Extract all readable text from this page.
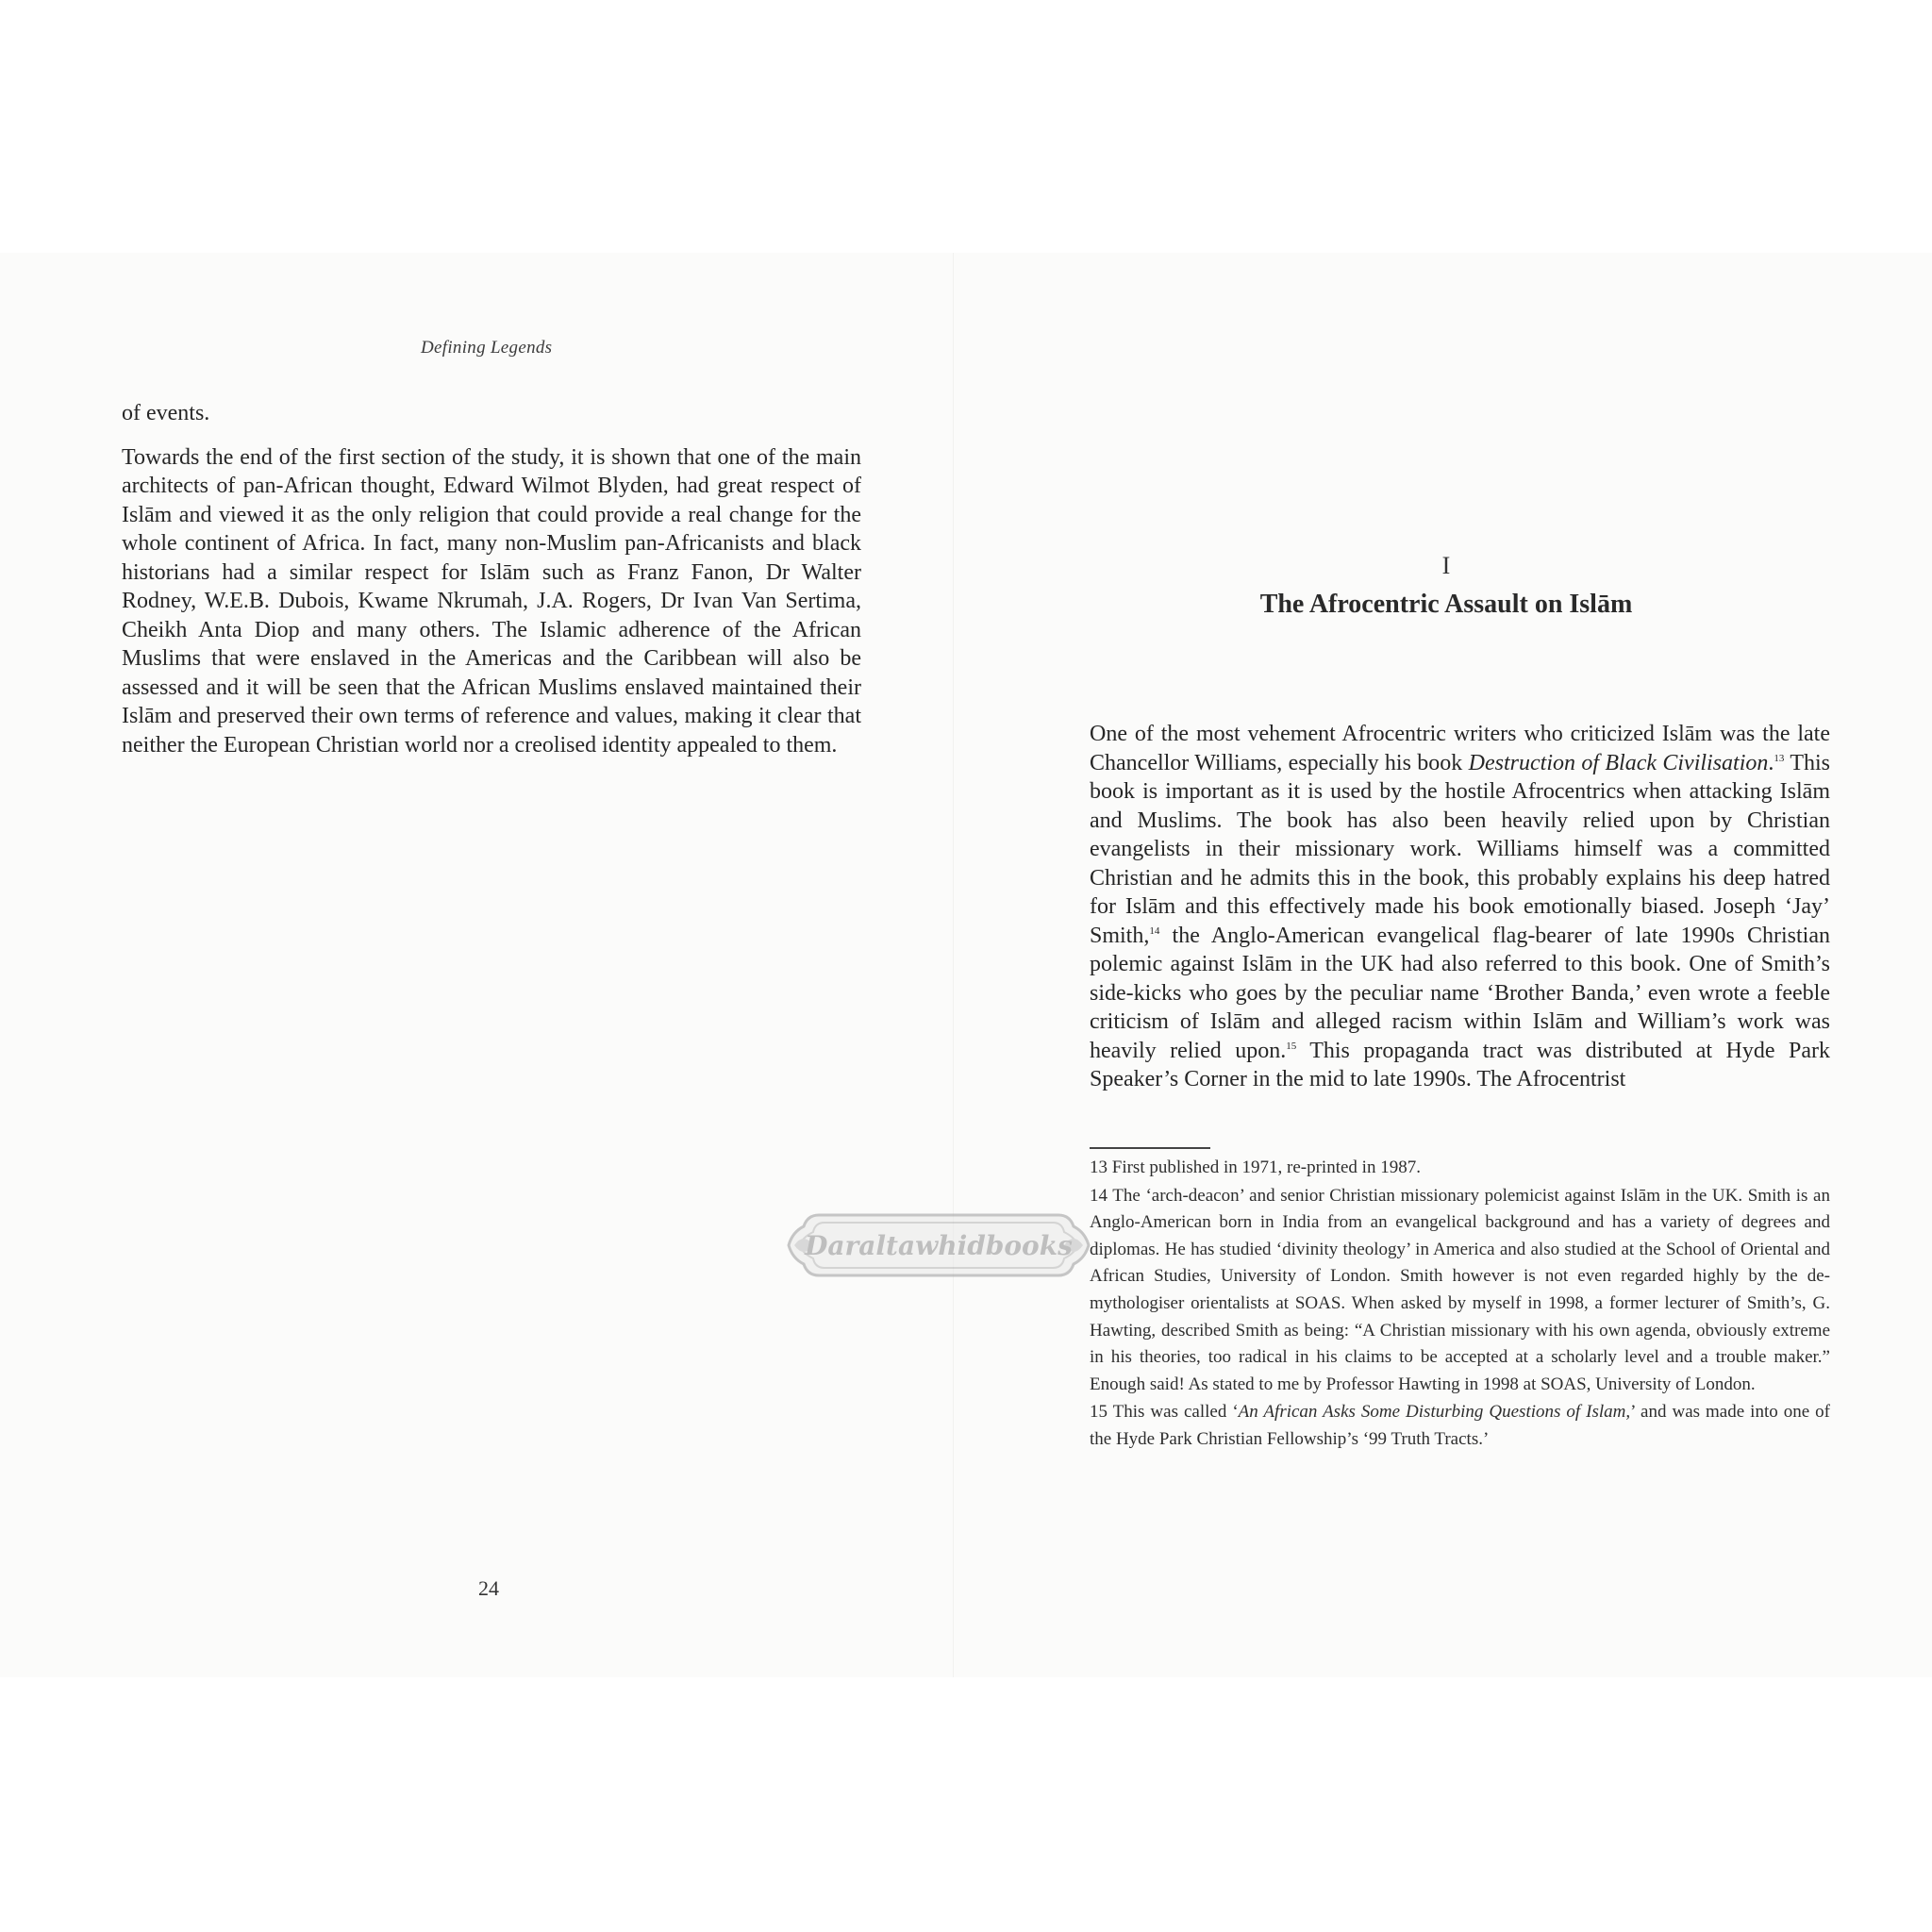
Defining Legends

of events.

Towards the end of the first section of the study, it is shown that one of the main architects of pan-African thought, Edward Wilmot Blyden, had great respect of Islām and viewed it as the only religion that could provide a real change for the whole continent of Africa. In fact, many non-Muslim pan-Africanists and black historians had a similar respect for Islām such as Franz Fanon, Dr Walter Rodney, W.E.B. Dubois, Kwame Nkrumah, J.A. Rogers, Dr Ivan Van Sertima, Cheikh Anta Diop and many others. The Islamic adherence of the African Muslims that were enslaved in the Americas and the Caribbean will also be assessed and it will be seen that the African Muslims enslaved maintained their Islām and preserved their own terms of reference and values, making it clear that neither the European Christian world nor a creolised identity appealed to them.

24
I
The Afrocentric Assault on Islām

One of the most vehement Afrocentric writers who criticized Islām was the late Chancellor Williams, especially his book Destruction of Black Civilisation.$^{13}$ This book is important as it is used by the hostile Afrocentrics when attacking Islām and Muslims. The book has also been heavily relied upon by Christian evangelists in their missionary work. Williams himself was a committed Christian and he admits this in the book, this probably explains his deep hatred for Islām and this effectively made his book emotionally biased. Joseph ‘Jay’ Smith,$^{14}$ the Anglo-American evangelical flag-bearer of late 1990s Christian polemic against Islām in the UK had also referred to this book. One of Smith’s side-kicks who goes by the peculiar name ‘Brother Banda,’ even wrote a feeble criticism of Islām and alleged racism within Islām and William’s work was heavily relied upon.$^{15}$ This propaganda tract was distributed at Hyde Park Speaker’s Corner in the mid to late 1990s. The Afrocentrist

13 First published in 1971, re-printed in 1987.

14 The ‘arch-deacon’ and senior Christian missionary polemicist against Islām in the UK. Smith is an Anglo-American born in India from an evangelical background and has a variety of degrees and diplomas. He has studied ‘divinity theology’ in America and also studied at the School of Oriental and African Studies, University of London. Smith however is not even regarded highly by the de-mythologiser orientalists at SOAS. When asked by myself in 1998, a former lecturer of Smith’s, G. Hawting, described Smith as being: “A Christian missionary with his own agenda, obviously extreme in his theories, too radical in his claims to be accepted at a scholarly level and a trouble maker.” Enough said! As stated to me by Professor Hawting in 1998 at SOAS, University of London.

15 This was called ‘An African Asks Some Disturbing Questions of Islam,’ and was made into one of the Hyde Park Christian Fellowship’s ‘99 Truth Tracts.’

Daraltawhidbooks
